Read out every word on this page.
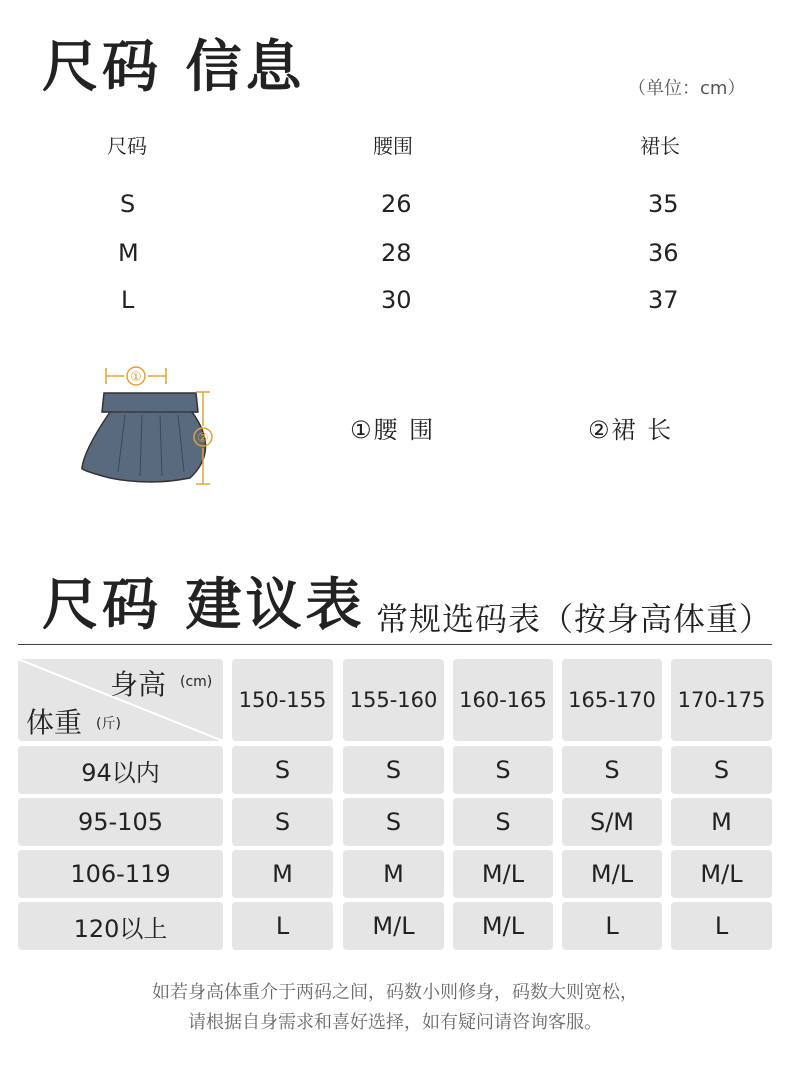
尺码 信息	（单位：cm）
尺码	腰围	裙长
S	26	35
M	28	36
L	30	37
①
②	①腰 围	②裙 长
尺码 建议表 常规选码表（按身高体重）
身高 (cm)
体重 (斤)
150-155	155-160	160-165 165-170	170-175
94以内	S	S	S	S	S
95-105	S	S	S	S/M	M
106-119	M	M	M/L	M/L	M/L
120以上	L	M/L	M/L	L	L
如若身高体重介于两码之间，码数小则修身，码数大则宽松，
请根据自身需求和喜好选择，如有疑问请咨询客服。
